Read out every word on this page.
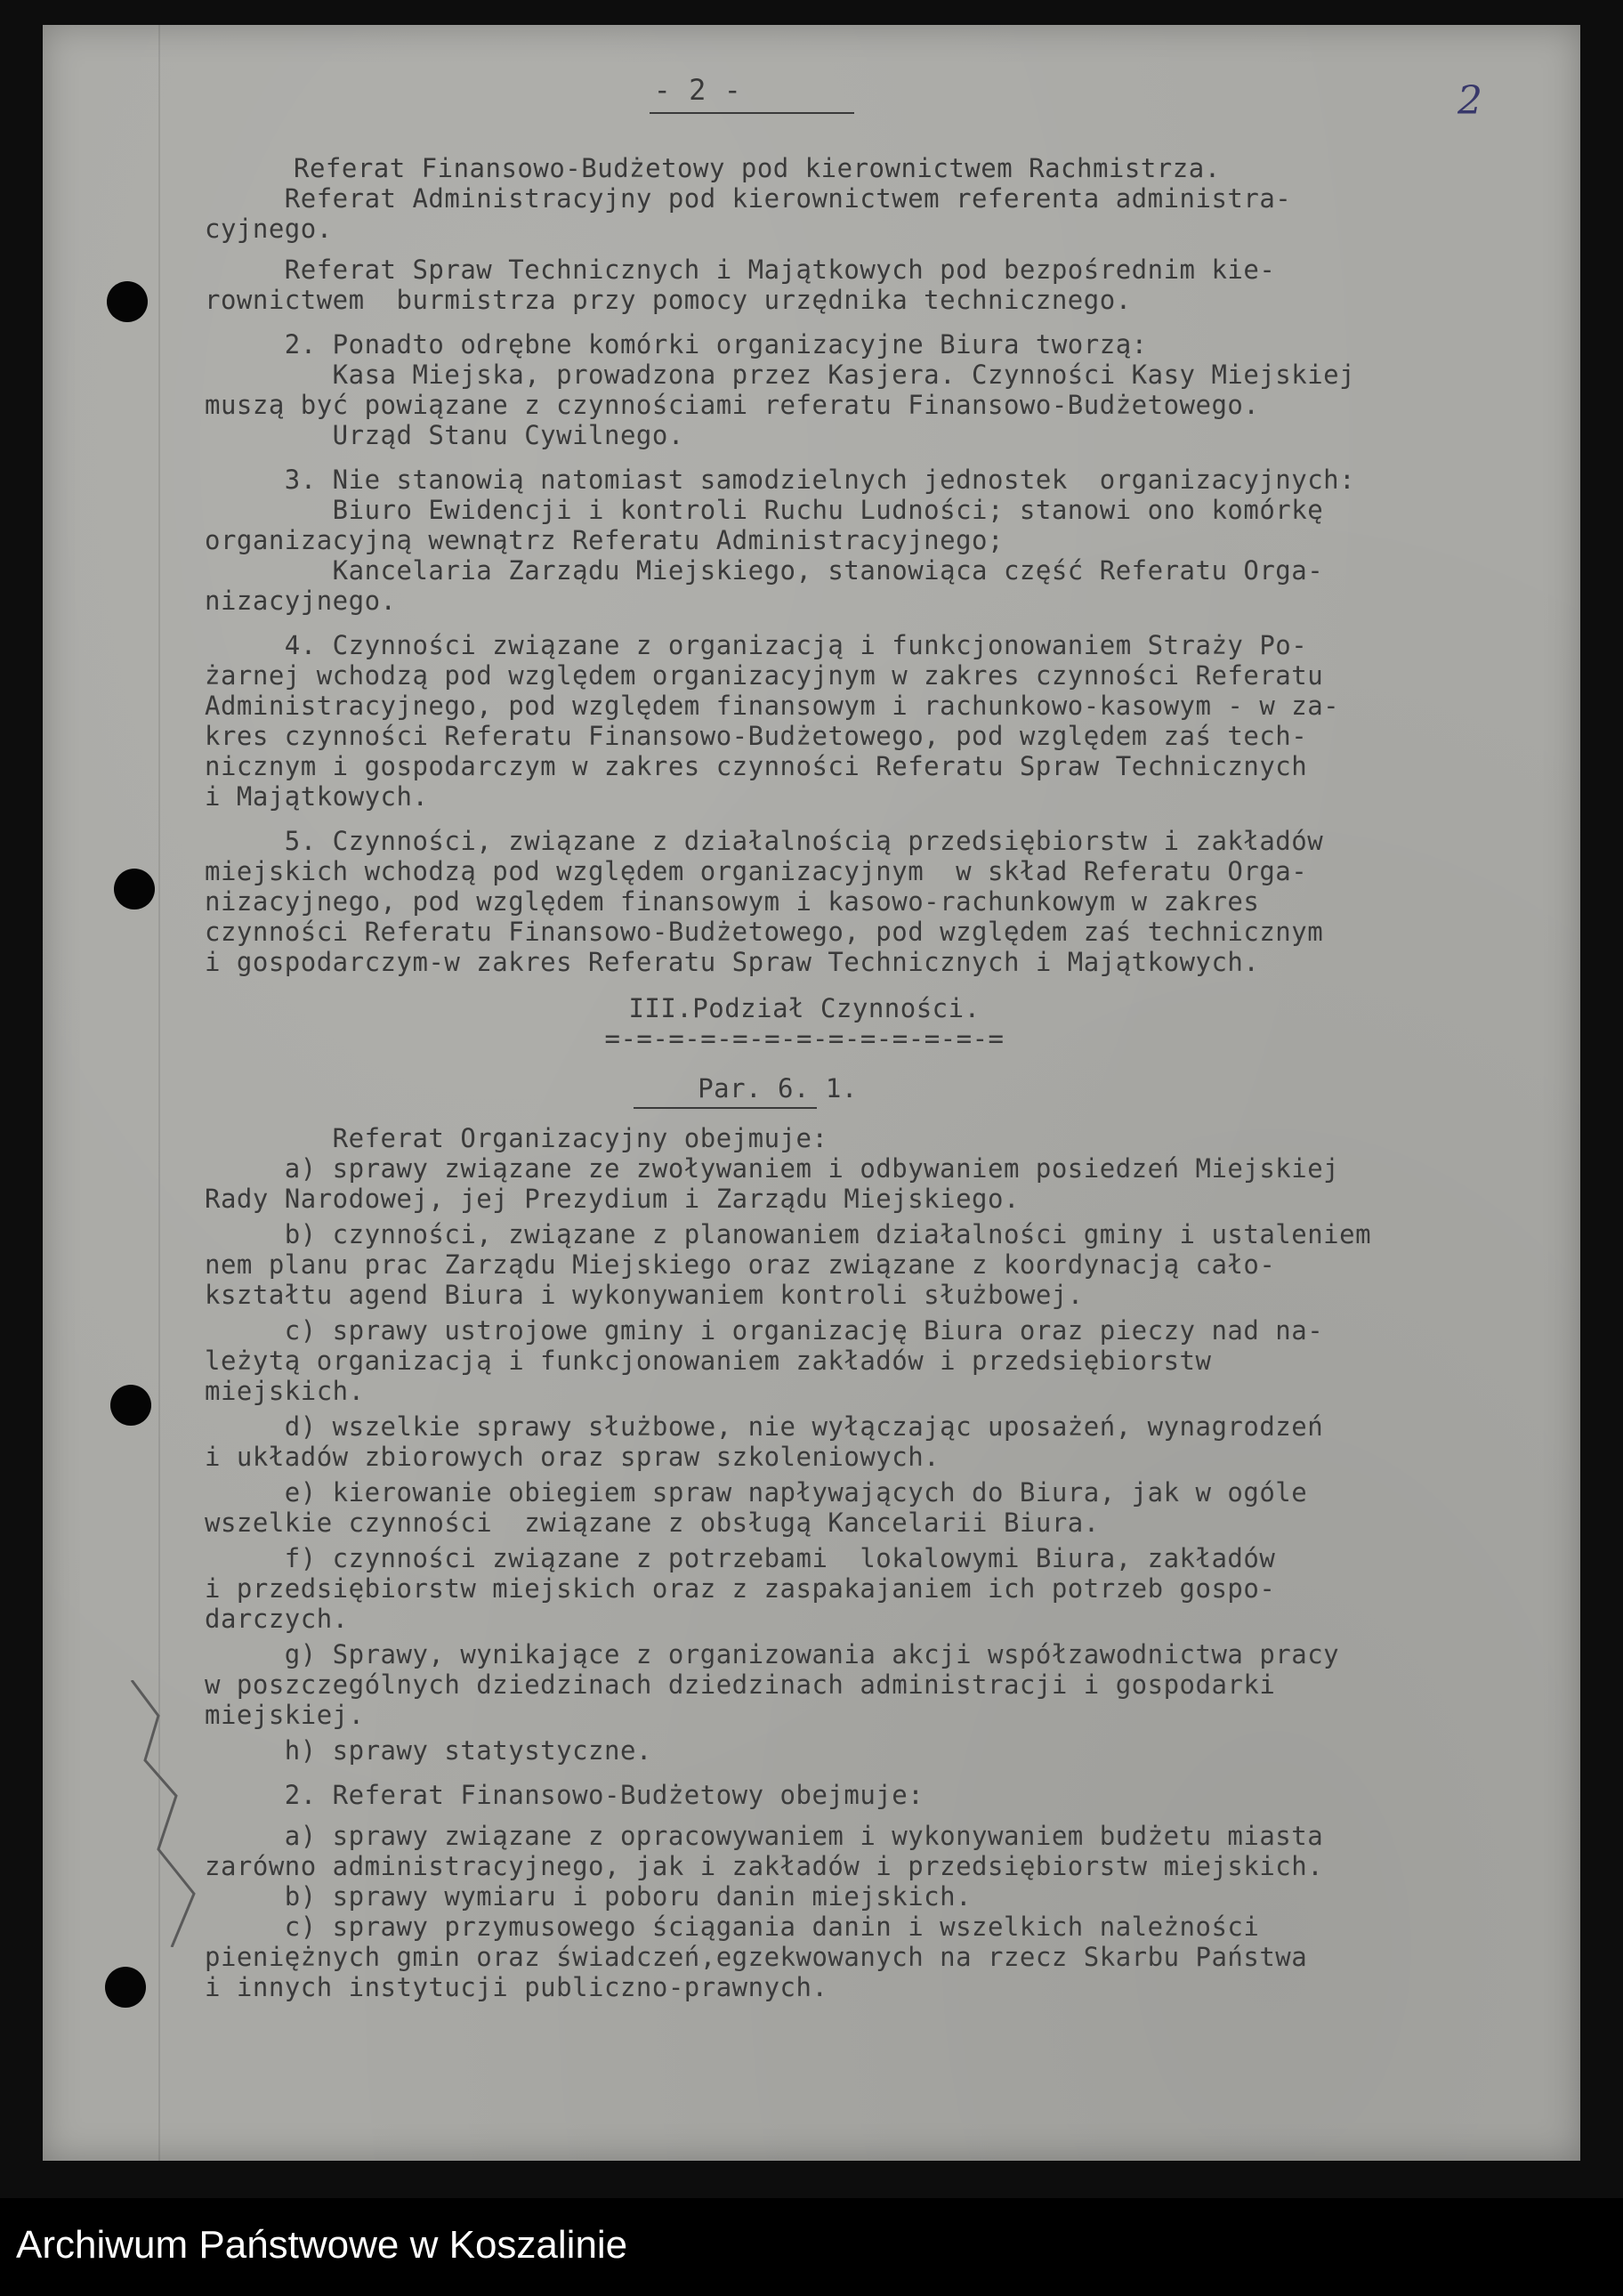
2
- 2 -
Referat Finansowo-Budżetowy pod kierownictwem Rachmistrza.
Referat Administracyjny pod kierownictwem referenta administra-
cyjnego.
Referat Spraw Technicznych i Majątkowych pod bezpośrednim kie-
rownictwem  burmistrza przy pomocy urzędnika technicznego.
2. Ponadto odrębne komórki organizacyjne Biura tworzą:
Kasa Miejska, prowadzona przez Kasjera. Czynności Kasy Miejskiej
muszą być powiązane z czynnościami referatu Finansowo-Budżetowego.
Urząd Stanu Cywilnego.
3. Nie stanowią natomiast samodzielnych jednostek  organizacyjnych:
Biuro Ewidencji i kontroli Ruchu Ludności; stanowi ono komórkę
organizacyjną wewnątrz Referatu Administracyjnego;
Kancelaria Zarządu Miejskiego, stanowiąca część Referatu Orga-
nizacyjnego.
4. Czynności związane z organizacją i funkcjonowaniem Straży Po-
żarnej wchodzą pod względem organizacyjnym w zakres czynności Referatu
Administracyjnego, pod względem finansowym i rachunkowo-kasowym - w za-
kres czynności Referatu Finansowo-Budżetowego, pod względem zaś tech-
nicznym i gospodarczym w zakres czynności Referatu Spraw Technicznych
i Majątkowych.
5. Czynności, związane z działalnością przedsiębiorstw i zakładów
miejskich wchodzą pod względem organizacyjnym  w skład Referatu Orga-
nizacyjnego, pod względem finansowym i kasowo-rachunkowym w zakres
czynności Referatu Finansowo-Budżetowego, pod względem zaś technicznym
i gospodarczym-w zakres Referatu Spraw Technicznych i Majątkowych.
III.Podział Czynności.
=-=-=-=-=-=-=-=-=-=-=-=-=
Par. 6. 1.
Referat Organizacyjny obejmuje:
a) sprawy związane ze zwoływaniem i odbywaniem posiedzeń Miejskiej
Rady Narodowej, jej Prezydium i Zarządu Miejskiego.
b) czynności, związane z planowaniem działalności gminy i ustaleniem
nem planu prac Zarządu Miejskiego oraz związane z koordynacją cało-
kształtu agend Biura i wykonywaniem kontroli służbowej.
c) sprawy ustrojowe gminy i organizację Biura oraz pieczy nad na-
leżytą organizacją i funkcjonowaniem zakładów i przedsiębiorstw
miejskich.
d) wszelkie sprawy służbowe, nie wyłączając uposażeń, wynagrodzeń
i układów zbiorowych oraz spraw szkoleniowych.
e) kierowanie obiegiem spraw napływających do Biura, jak w ogóle
wszelkie czynności  związane z obsługą Kancelarii Biura.
f) czynności związane z potrzebami  lokalowymi Biura, zakładów
i przedsiębiorstw miejskich oraz z zaspakajaniem ich potrzeb gospo-
darczych.
g) Sprawy, wynikające z organizowania akcji współzawodnictwa pracy
w poszczególnych dziedzinach dziedzinach administracji i gospodarki
miejskiej.
h) sprawy statystyczne.
2. Referat Finansowo-Budżetowy obejmuje:
a) sprawy związane z opracowywaniem i wykonywaniem budżetu miasta
zarówno administracyjnego, jak i zakładów i przedsiębiorstw miejskich.
b) sprawy wymiaru i poboru danin miejskich.
c) sprawy przymusowego ściągania danin i wszelkich należności
pieniężnych gmin oraz świadczeń,egzekwowanych na rzecz Skarbu Państwa
i innych instytucji publiczno-prawnych.
Archiwum Państwowe w Koszalinie
